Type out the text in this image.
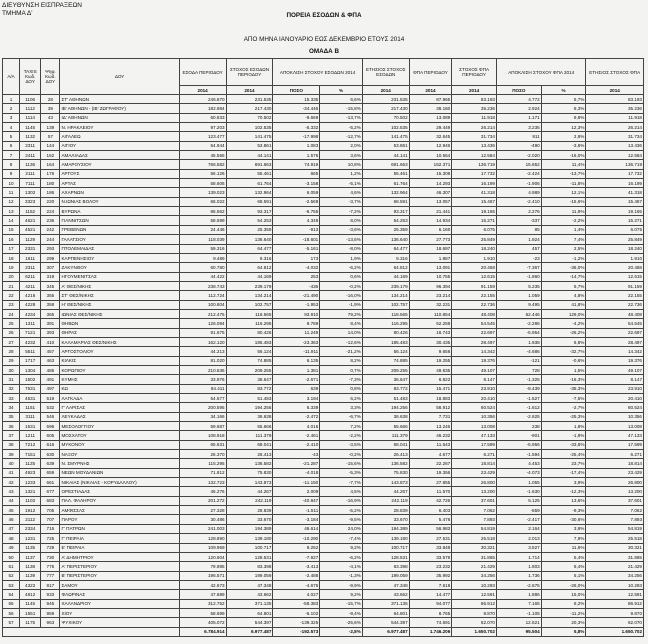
ΔΙΕΥΘΥΝΣΗ ΕΙΣΠΡΑΞΕΩΝ
ΤΜΗΜΑ Δ'	ΠΟΡΕΙΑ ΕΣΟΔΩΝ & ΦΠΑ
ΑΠΟ ΜΗΝΑ ΙΑΝΟΥΑΡΙΟ ΕΩΣ ΔΕΚΕΜΒΡΙΟ ΕΤΟΥΣ 2014
ΟΜΑΔΑ Β
Α/Α	TAXIS Κωδ. ΔΟΥ	Ψηφ. Κωδ. ΔΟΥ	ΔΟΥ	ΕΣΟΔΑ ΠΕΡΙΟΔΟΥ	ΣΤΟΧΟΣ ΕΣΟΔΩΝ ΠΕΡΙΟΔΟΥ	ΑΠΟΚΛΙΣΗ ΣΤΟΧΟΥ ΕΣΟΔΩΝ 2014		ΕΤΗΣΙΟΣ ΣΤΟΧΟΣ ΕΣΟΔΩΝ	ΦΠΑ ΠΕΡΙΟΔΟΥ	ΣΤΟΧΟΣ ΦΠΑ ΠΕΡΙΟΔΟΥ	ΑΠΟΚΛΙΣΗ ΣΤΟΧΟΥ ΦΠΑ 2014		ΕΤΗΣΙΟΣ ΣΤΟΧΟΣ ΦΠΑ
				2014	2014	ΠΟΣΟ	%	2014	2014	2014	ΠΟΣΟ	%	2014
1	1106	28	ΣΤ' ΑΘΗΝΩΝ	246.870	231.535	15.335	6,6%	231.535	87.965	83.193	4.772	5,7%	83.193
2	1112	39	ΙΒ' ΑΘΗΝΩΝ - (ΙΒ' ΖΩΓΡΑΦΟΥ)	182.984	217.430	-34.446	-15,8%	217.430	38.160	35.236	2.924	8,3%	35.236
3	1114	43	ΙΔ' ΑΘΗΝΩΝ	60.833	70.502	-9.669	-13,7%	70.502	13.089	11.918	1.171	9,8%	11.918
4	1145	139	Ν. ΗΡΑΚΛΕΙΟΥ	97.203	102.535	-5.332	-5,2%	102.535	29.449	26.214	3.235	12,3%	26.214
5	1132	57	ΑΙΓΑΛΕΩ	123.477	141.475	-17.998	-12,7%	141.475	32.645	31.734	911	2,9%	31.734
6	2311	144	ΑΙΓΙΟΥ	54.944	53.861	1.083	2,0%	53.861	12.946	13.436	-490	-3,6%	13.436
7	2411	162	ΑΜΑΛΙΑΔΑΣ	45.565	44.141	1.576	3,6%	44.141	10.564	12.584	-2.020	-16,0%	12.584
8	1136	164	ΑΜΑΡΟΥΣΙΟΥ	766.582	691.663	74.919	10,8%	691.663	152.371	136.719	15.652	11,4%	136.719
9	2111	176	ΑΡΓΟΥΣ	56.126	55.461	665	1,2%	55.461	15.308	17.732	-2.424	-13,7%	17.732
10	7111	180	ΑΡΤΑΣ	58.606	61.764	-3.158	-5,1%	61.764	14.293	16.199	-1.906	-11,8%	16.199
11	1302	186	ΑΧΑΡΝΩΝ	139.023	132.964	6.059	4,6%	132.964	46.307	41.318	4.989	12,1%	41.318
12	3323	220	Ν.ΙΩΝΙΑΣ ΒΟΛΟΥ	66.022	68.591	-2.569	-3,7%	68.591	13.057	15.467	-2.410	-15,6%	15.467
13	1152	224	ΒΥΡΩΝΑ	86.562	93.317	-6.755	-7,2%	93.317	21.441	19.165	2.276	11,9%	19.165
14	4621	236	ΓΙΑΝΝΙΤΣΩΝ	58.599	54.253	4.346	8,0%	54.253	14.934	15.271	-337	-2,2%	15.271
15	4521	242	ΓΡΕΒΕΝΩΝ	24.446	25.359	-913	-3,6%	25.359	6.160	6.075	85	1,4%	6.075
16	1129	244	ΓΑΛΑΤΣΙΟΥ	118.039	136.640	-18.601	-13,6%	136.640	27.773	25.849	1.924	7,4%	25.849
17	2331	293	ΠΤΟΛΕΜΑΙΔΑΣ	59.316	64.477	-5.161	-8,0%	64.477	18.697	18.240	457	2,5%	18.240
18	1611	299	ΚΑΡΠΕΝΗΣΙΟΥ	9.489	9.316	173	1,9%	9.316	1.887	1.910	-23	-1,2%	1.910
19	2311	307	ΖΑΚΥΝΘΟΥ	60.780	64.812	-4.032	-6,2%	64.812	13.091	20.458	-7.367	-36,0%	20.458
20	6211	319	ΗΓΟΥΜΕΝΙΤΣΑΣ	44.422	44.169	253	0,6%	44.169	10.755	12.615	-1.860	-14,7%	12.615
21	4211	345	Α' ΘΕΣ/ΝΙΚΗΣ	238.743	239.179	-436	-0,2%	239.179	96.394	91.159	5.235	5,7%	91.159
22	4216	355	ΣΤ' ΘΕΣ/ΝΙΚΗΣ	112.724	134.214	-21.490	-16,0%	134.214	23.214	22.155	1.059	4,8%	22.155
23	4228	358	Η' ΘΕΣ/ΝΙΚΗΣ	100.804	102.757	-1.953	-1,9%	102.757	32.231	22.736	9.495	41,8%	22.736
24	4234	365	ΙΩΝΙΑΣ ΘΕΣ/ΝΙΚΗΣ	212.475	118.565	93.910	79,2%	118.565	110.854	48.408	62.446	129,0%	48.408
25	1311	391	ΘΗΒΩΝ	126.084	116.295	9.789	8,4%	116.295	52.259	54.545	-2.286	-4,2%	54.545
26	7121	393	ΘΗΡΑΣ	91.675	80.426	11.249	14,0%	80.426	16.743	22.697	-5.954	-26,2%	22.697
27	4232	410	ΚΑΛΑΜΑΡΙΑΣ ΘΕΣ/ΝΙΚΗΣ	162.120	185.483	-23.363	-12,6%	185.483	30.435	28.497	1.938	6,8%	28.497
28	5511	457	ΑΡΓΟΣΤΟΛΙΟΥ	44.213	56.124	-11.911	-21,2%	56.124	9.656	14.342	-4.686	-32,7%	14.342
29	1717	463	ΚΙΛΚΙΣ	81.020	74.885	6.135	8,2%	74.885	19.255	19.376	-121	-0,6%	19.376
30	1304	485	ΚΟΡΩΠΙΟΥ	210.636	209.255	1.381	0,7%	209.255	49.835	49.107	728	1,5%	49.107
31	1502	491	ΚΥΜΗΣ	33.976	36.647	-2.671	-7,3%	36.647	6.822	8.147	-1.325	-16,3%	8.147
32	7531	497	ΚΩ	84.411	83.772	639	0,8%	83.772	15.471	23.910	-8.439	-35,3%	23.910
33	4531	519	ΛΑΓΚΑΔΑ	54.677	51.483	3.194	6,2%	51.483	18.883	20.410	-1.527	-7,5%	20.410
34	1151	532	Γ' ΛΑΡΙΣΑΣ	200.595	194.256	6.339	3,3%	194.256	58.912	60.524	-1.612	-2,7%	60.524
35	3111	546	ΛΕΥΚΑΔΑΣ	34.166	36.638	-2.472	-6,7%	36.638	7.731	10.356	-2.625	-25,3%	10.356
36	1531	596	ΜΕΣΟΛΟΓΓΙΟΥ	59.687	55.666	4.016	7,2%	55.666	13.246	13.008	238	1,8%	13.008
37	1211	605	ΜΟΣΧΑΤΟΥ	108.918	111.379	-2.461	-2,2%	111.379	46.232	47.133	-901	-1,9%	47.133
38	7212	616	ΜΥΚΟΝΟΥ	65.631	68.041	-2.410	-3,5%	68.041	11.643	17.599	-5.956	-33,8%	17.599
39	7151	630	ΝΑΞΟΥ	26.370	26.413	-43	-0,2%	26.413	4.677	6.271	-1.594	-25,4%	6.271
40	1125	639	Ν. ΣΜΥΡΝΗΣ	115.295	136.582	-21.287	-15,6%	136.582	22.267	18.814	4.453	23,7%	18.814
41	4923	659	ΝΕΩΝ ΜΟΥΔΑΝΙΩΝ	71.812	75.830	-4.018	-5,3%	75.830	19.356	23.429	-4.073	-17,4%	23.429
42	1233	661	ΝΙΚΑΙΑΣ (ΝΙΚΑΙΑΣ - ΚΟΡΥΔΑΛΛΟΥ)	132.723	143.873	-11.150	-7,7%	143.873	27.855	26.800	1.055	3,9%	26.800
43	1321	677	ΟΡΕΣΤΙΑΔΑΣ	46.276	44.267	2.009	4,5%	44.267	11.570	13.200	-1.630	-12,3%	13.200
44	1103	683	ΠΑΛ. ΦΑΛΗΡΟΥ	201.272	242.119	-40.847	-16,9%	242.119	42.726	37.601	5.125	13,6%	37.601
45	1912	705	ΑΜΦΙΣΣΑΣ	27.328	28.839	-1.511	-5,2%	28.839	6.403	7.062	-659	-9,3%	7.062
46	2112	707	ΠΑΡΟΥ	30.486	33.670	-3.184	-9,5%	33.670	5.476	7.893	-2.417	-30,6%	7.893
47	2334	715	Γ' ΠΑΤΡΩΝ	241.003	194.389	46.614	24,0%	194.389	56.983	54.819	2.164	3,9%	54.819
48	1231	725	Γ' ΠΕΙΡΑΙΑ	128.890	139.180	-10.290	-7,4%	139.180	27.531	25.518	2.013	7,9%	25.518
49	1135	729	Ε' ΠΕΙΡΑΙΑ	109.969	100.717	9.252	9,2%	100.717	33.848	30.321	3.527	11,6%	30.321
50	1137	730	Α' ΔΗΜΗΤΡΙΟΥ	120.604	128.531	-7.927	-6,2%	128.531	33.579	31.865	1.714	5,4%	31.865
51	1138	775	Α' ΠΕΡΙΣΤΕΡΙΟΥ	79.985	83.398	-3.413	-4,1%	83.398	23.232	21.429	1.803	8,4%	21.429
52	1139	777	Β' ΠΕΡΙΣΤΕΡΙΟΥ	196.571	199.059	-2.488	-1,3%	199.059	35.992	34.256	1.736	5,1%	34.256
53	4322	817	ΣΑΜΟΥ	42.673	47.348	-4.675	-9,9%	47.348	7.618	10.293	-2.675	-26,0%	10.293
54	4812	933	ΦΛΩΡΙΝΑΣ	47.689	43.662	4.027	9,2%	43.662	14.477	12.591	1.886	15,0%	12.591
55	1145	945	ΧΑΛΑΝΔΡΙΟΥ	312.752	371.135	-58.383	-15,7%	371.135	94.077	86.912	7.165	8,2%	86.912
56	1551	959	ΧΙΟΥ	58.699	64.801	-6.102	-9,4%	64.801	8.765	9.870	-1.105	-11,2%	9.870
57	1175	963	ΨΥΧΙΚΟΥ	405.072	544.397	-139.325	-25,6%	544.397	74.691	62.070	12.621	20,3%	62.070
				6.784.914	6.977.487	-192.573	-2,8%	6.977.487	1.746.206	1.650.702	95.504	5,8%	1.650.702
